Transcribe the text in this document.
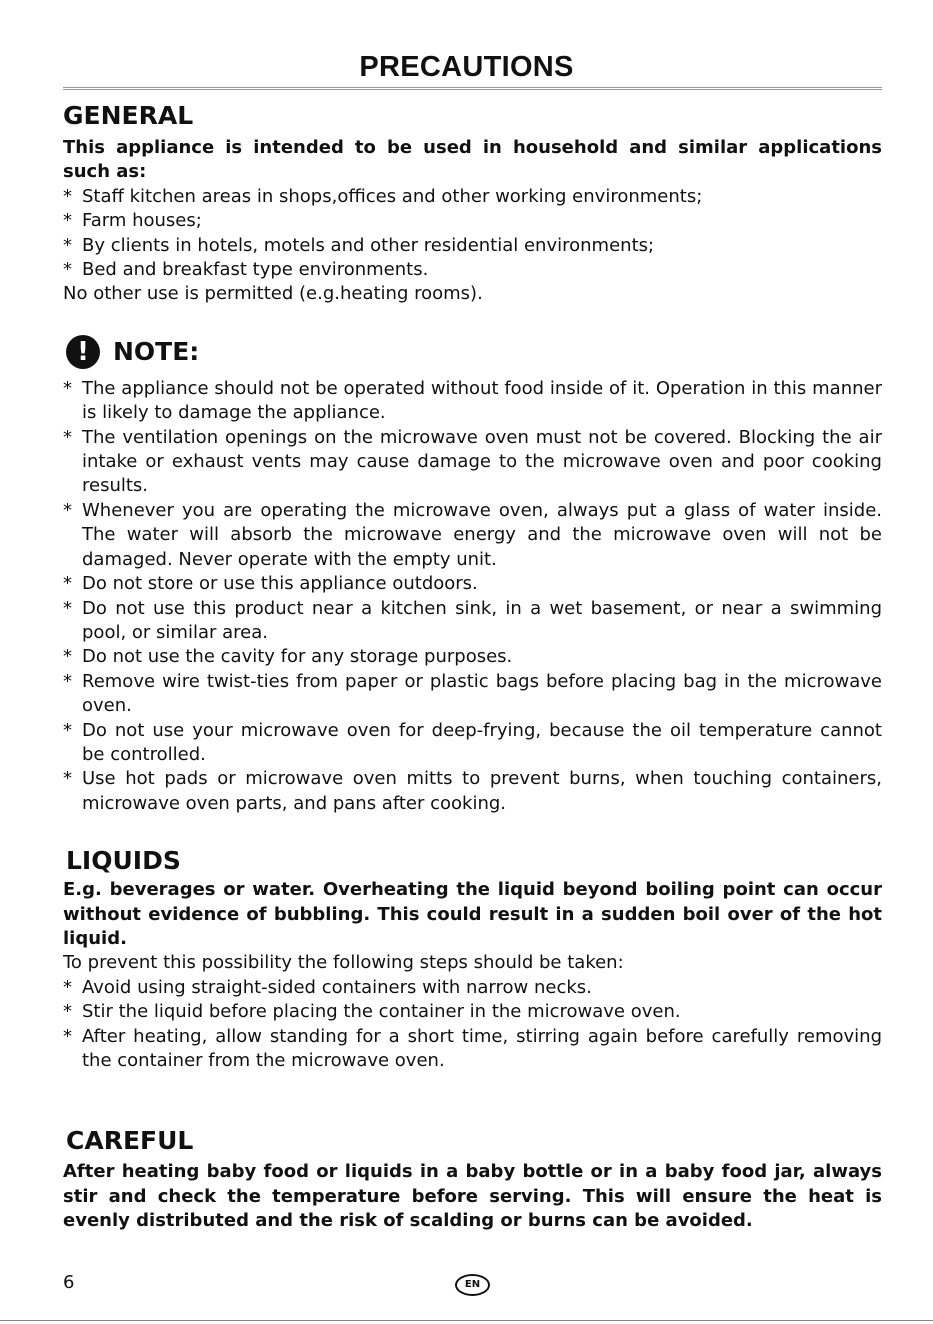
PRECAUTIONS
GENERAL
This appliance is intended to be used in household and similar applications such as:
* Staff kitchen areas in shops,offices and other working environments;
* Farm houses;
* By clients in hotels, motels and other residential environments;
* Bed and breakfast type environments.
No other use is permitted (e.g.heating rooms).
! NOTE:
* The appliance should not be operated without food inside of it. Operation in this manner is likely to damage the appliance.
* The ventilation openings on the microwave oven must not be covered. Blocking the air intake or exhaust vents may cause damage to the microwave oven and poor cooking results.
* Whenever you are operating the microwave oven, always put a glass of water inside. The water will absorb the microwave energy and the microwave oven will not be damaged. Never operate with the empty unit.
* Do not store or use this appliance outdoors.
* Do not use this product near a kitchen sink, in a wet basement, or near a swimming pool, or similar area.
* Do not use the cavity for any storage purposes.
* Remove wire twist-ties from paper or plastic bags before placing bag in the microwave oven.
* Do not use your microwave oven for deep-frying, because the oil temperature cannot be controlled.
* Use hot pads or microwave oven mitts to prevent burns, when touching containers, microwave oven parts, and pans after cooking.
LIQUIDS
E.g. beverages or water. Overheating the liquid beyond boiling point can occur without evidence of bubbling. This could result in a sudden boil over of the hot liquid.
To prevent this possibility the following steps should be taken:
* Avoid using straight-sided containers with narrow necks.
* Stir the liquid before placing the container in the microwave oven.
* After heating, allow standing for a short time, stirring again before carefully removing the container from the microwave oven.
CAREFUL
After heating baby food or liquids in a baby bottle or in a baby food jar, always stir and check the temperature before serving. This will ensure the heat is evenly distributed and the risk of scalding or burns can be avoided.
6	EN
